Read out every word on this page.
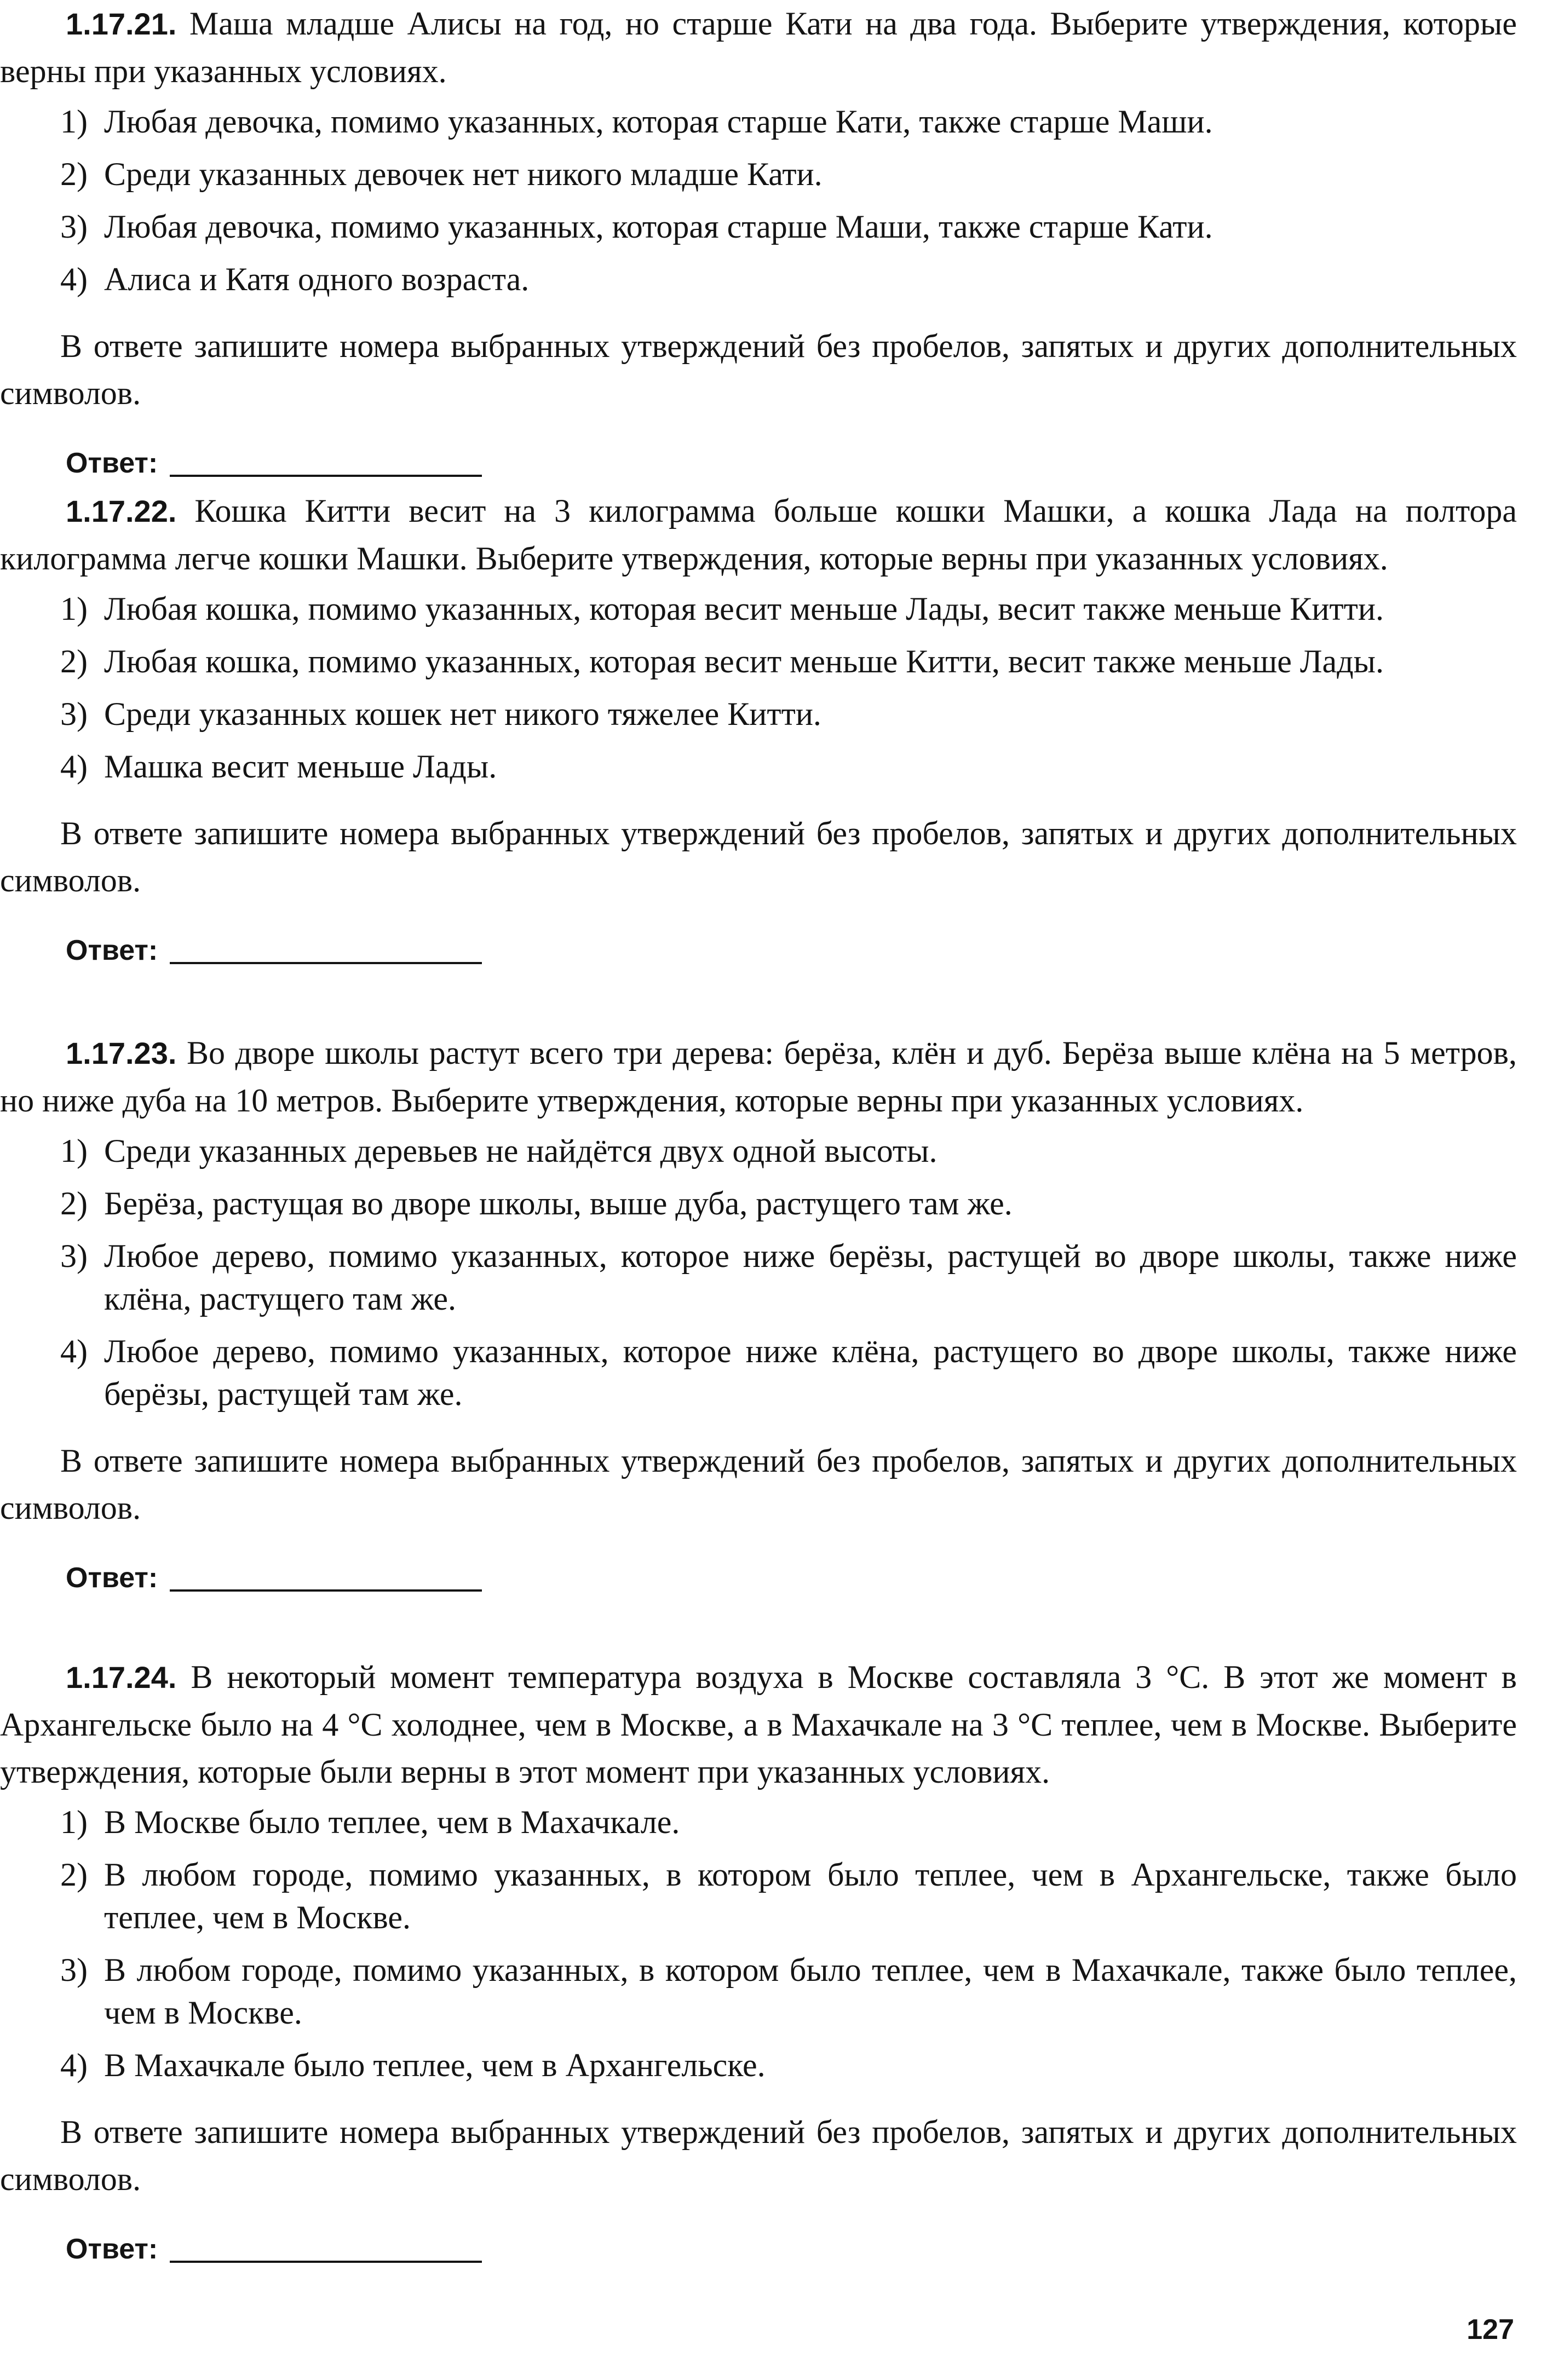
1.17.21. Маша младше Алисы на год, но старше Кати на два года. Выберите утверждения, которые верны при указанных условиях.

1) Любая девочка, помимо указанных, которая старше Кати, также старше Маши.
2) Среди указанных девочек нет никого младше Кати.
3) Любая девочка, помимо указанных, которая старше Маши, также старше Кати.
4) Алиса и Катя одного возраста.

В ответе запишите номера выбранных утверждений без пробелов, запятых и других дополнительных символов.

Ответ:

1.17.22. Кошка Китти весит на 3 килограмма больше кошки Машки, а кошка Лада на полтора килограмма легче кошки Машки. Выберите утверждения, которые верны при указанных условиях.

1) Любая кошка, помимо указанных, которая весит меньше Лады, весит также меньше Китти.
2) Любая кошка, помимо указанных, которая весит меньше Китти, весит также меньше Лады.
3) Среди указанных кошек нет никого тяжелее Китти.
4) Машка весит меньше Лады.

В ответе запишите номера выбранных утверждений без пробелов, запятых и других дополнительных символов.

Ответ:

1.17.23. Во дворе школы растут всего три дерева: берёза, клён и дуб. Берёза выше клёна на 5 метров, но ниже дуба на 10 метров. Выберите утверждения, которые верны при указанных условиях.

1) Среди указанных деревьев не найдётся двух одной высоты.
2) Берёза, растущая во дворе школы, выше дуба, растущего там же.
3) Любое дерево, помимо указанных, которое ниже берёзы, растущей во дворе школы, также ниже клёна, растущего там же.
4) Любое дерево, помимо указанных, которое ниже клёна, растущего во дворе школы, также ниже берёзы, растущей там же.

В ответе запишите номера выбранных утверждений без пробелов, запятых и других дополнительных символов.

Ответ:

1.17.24. В некоторый момент температура воздуха в Москве составляла 3 °C. В этот же момент в Архангельске было на 4 °C холоднее, чем в Москве, а в Махачкале на 3 °C теплее, чем в Москве. Выберите утверждения, которые были верны в этот момент при указанных условиях.

1) В Москве было теплее, чем в Махачкале.
2) В любом городе, помимо указанных, в котором было теплее, чем в Архангельске, также было теплее, чем в Москве.
3) В любом городе, помимо указанных, в котором было теплее, чем в Махачкале, также было теплее, чем в Москве.
4) В Махачкале было теплее, чем в Архангельске.

В ответе запишите номера выбранных утверждений без пробелов, запятых и других дополнительных символов.

Ответ:
127
